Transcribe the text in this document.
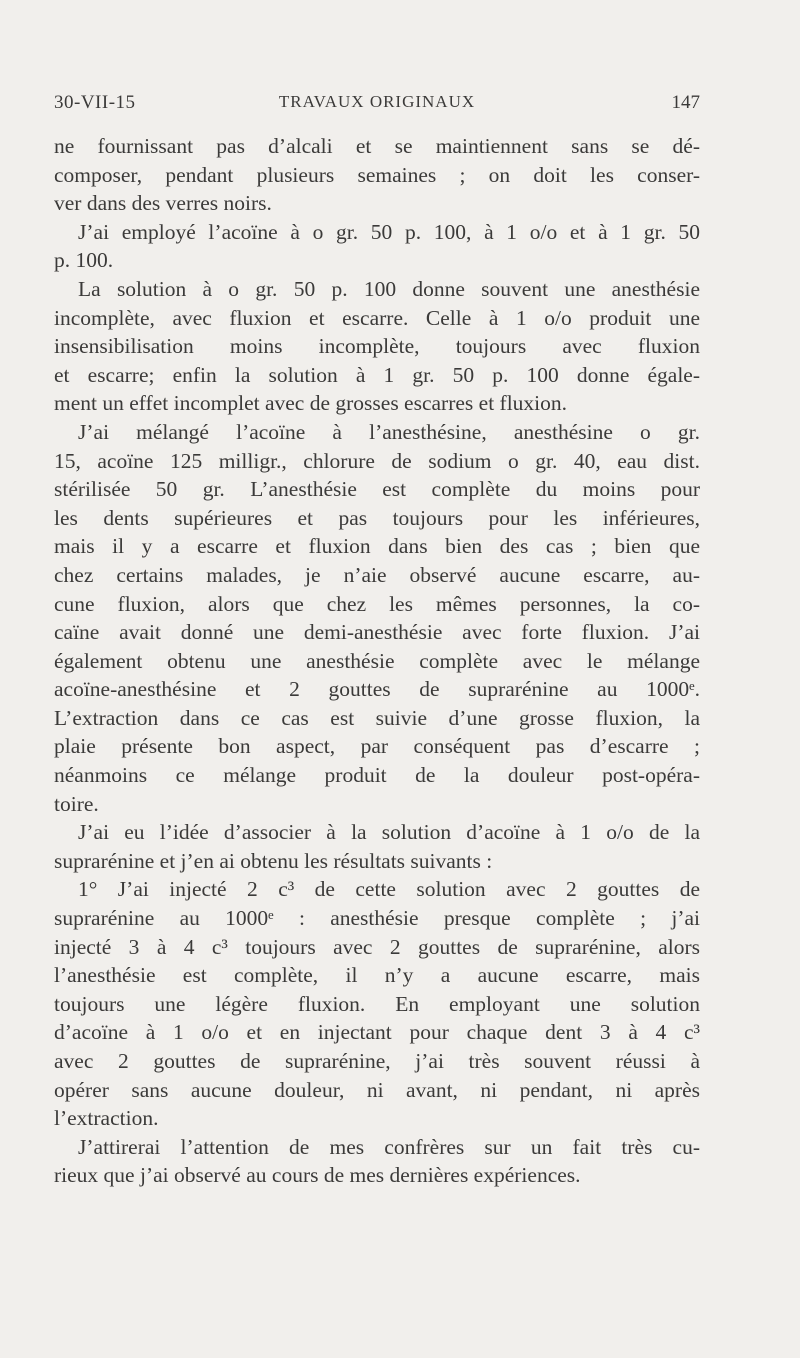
30-VII-15	TRAVAUX ORIGINAUX	147

ne fournissant pas d’alcali et se maintiennent sans se dé-
composer, pendant plusieurs semaines ; on doit les conser-
ver dans des verres noirs.

J’ai employé l’acoïne à o gr. 50 p. 100, à 1 o/o et à 1 gr. 50
p. 100.

La solution à o gr. 50 p. 100 donne souvent une anesthésie
incomplète, avec fluxion et escarre. Celle à 1 o/o produit une
insensibilisation moins incomplète, toujours avec fluxion
et escarre; enfin la solution à 1 gr. 50 p. 100 donne égale-
ment un effet incomplet avec de grosses escarres et fluxion.

J’ai mélangé l’acoïne à l’anesthésine, anesthésine o gr.
15, acoïne 125 milligr., chlorure de sodium o gr. 40, eau dist.
stérilisée 50 gr. L’anesthésie est complète du moins pour
les dents supérieures et pas toujours pour les inférieures,
mais il y a escarre et fluxion dans bien des cas ; bien que
chez certains malades, je n’aie observé aucune escarre, au-
cune fluxion, alors que chez les mêmes personnes, la co-
caïne avait donné une demi-anesthésie avec forte fluxion. J’ai
également obtenu une anesthésie complète avec le mélange
acoïne-anesthésine et 2 gouttes de suprarénine au 1000ᵉ.
L’extraction dans ce cas est suivie d’une grosse fluxion, la
plaie présente bon aspect, par conséquent pas d’escarre ;
néanmoins ce mélange produit de la douleur post-opéra-
toire.

J’ai eu l’idée d’associer à la solution d’acoïne à 1 o/o de la
suprarénine et j’en ai obtenu les résultats suivants :

1° J’ai injecté 2 c³ de cette solution avec 2 gouttes de
suprarénine au 1000ᵉ : anesthésie presque complète ; j’ai
injecté 3 à 4 c³ toujours avec 2 gouttes de suprarénine, alors
l’anesthésie est complète, il n’y a aucune escarre, mais
toujours une légère fluxion. En employant une solution
d’acoïne à 1 o/o et en injectant pour chaque dent 3 à 4 c³
avec 2 gouttes de suprarénine, j’ai très souvent réussi à
opérer sans aucune douleur, ni avant, ni pendant, ni après
l’extraction.

J’attirerai l’attention de mes confrères sur un fait très cu-
rieux que j’ai observé au cours de mes dernières expériences.
